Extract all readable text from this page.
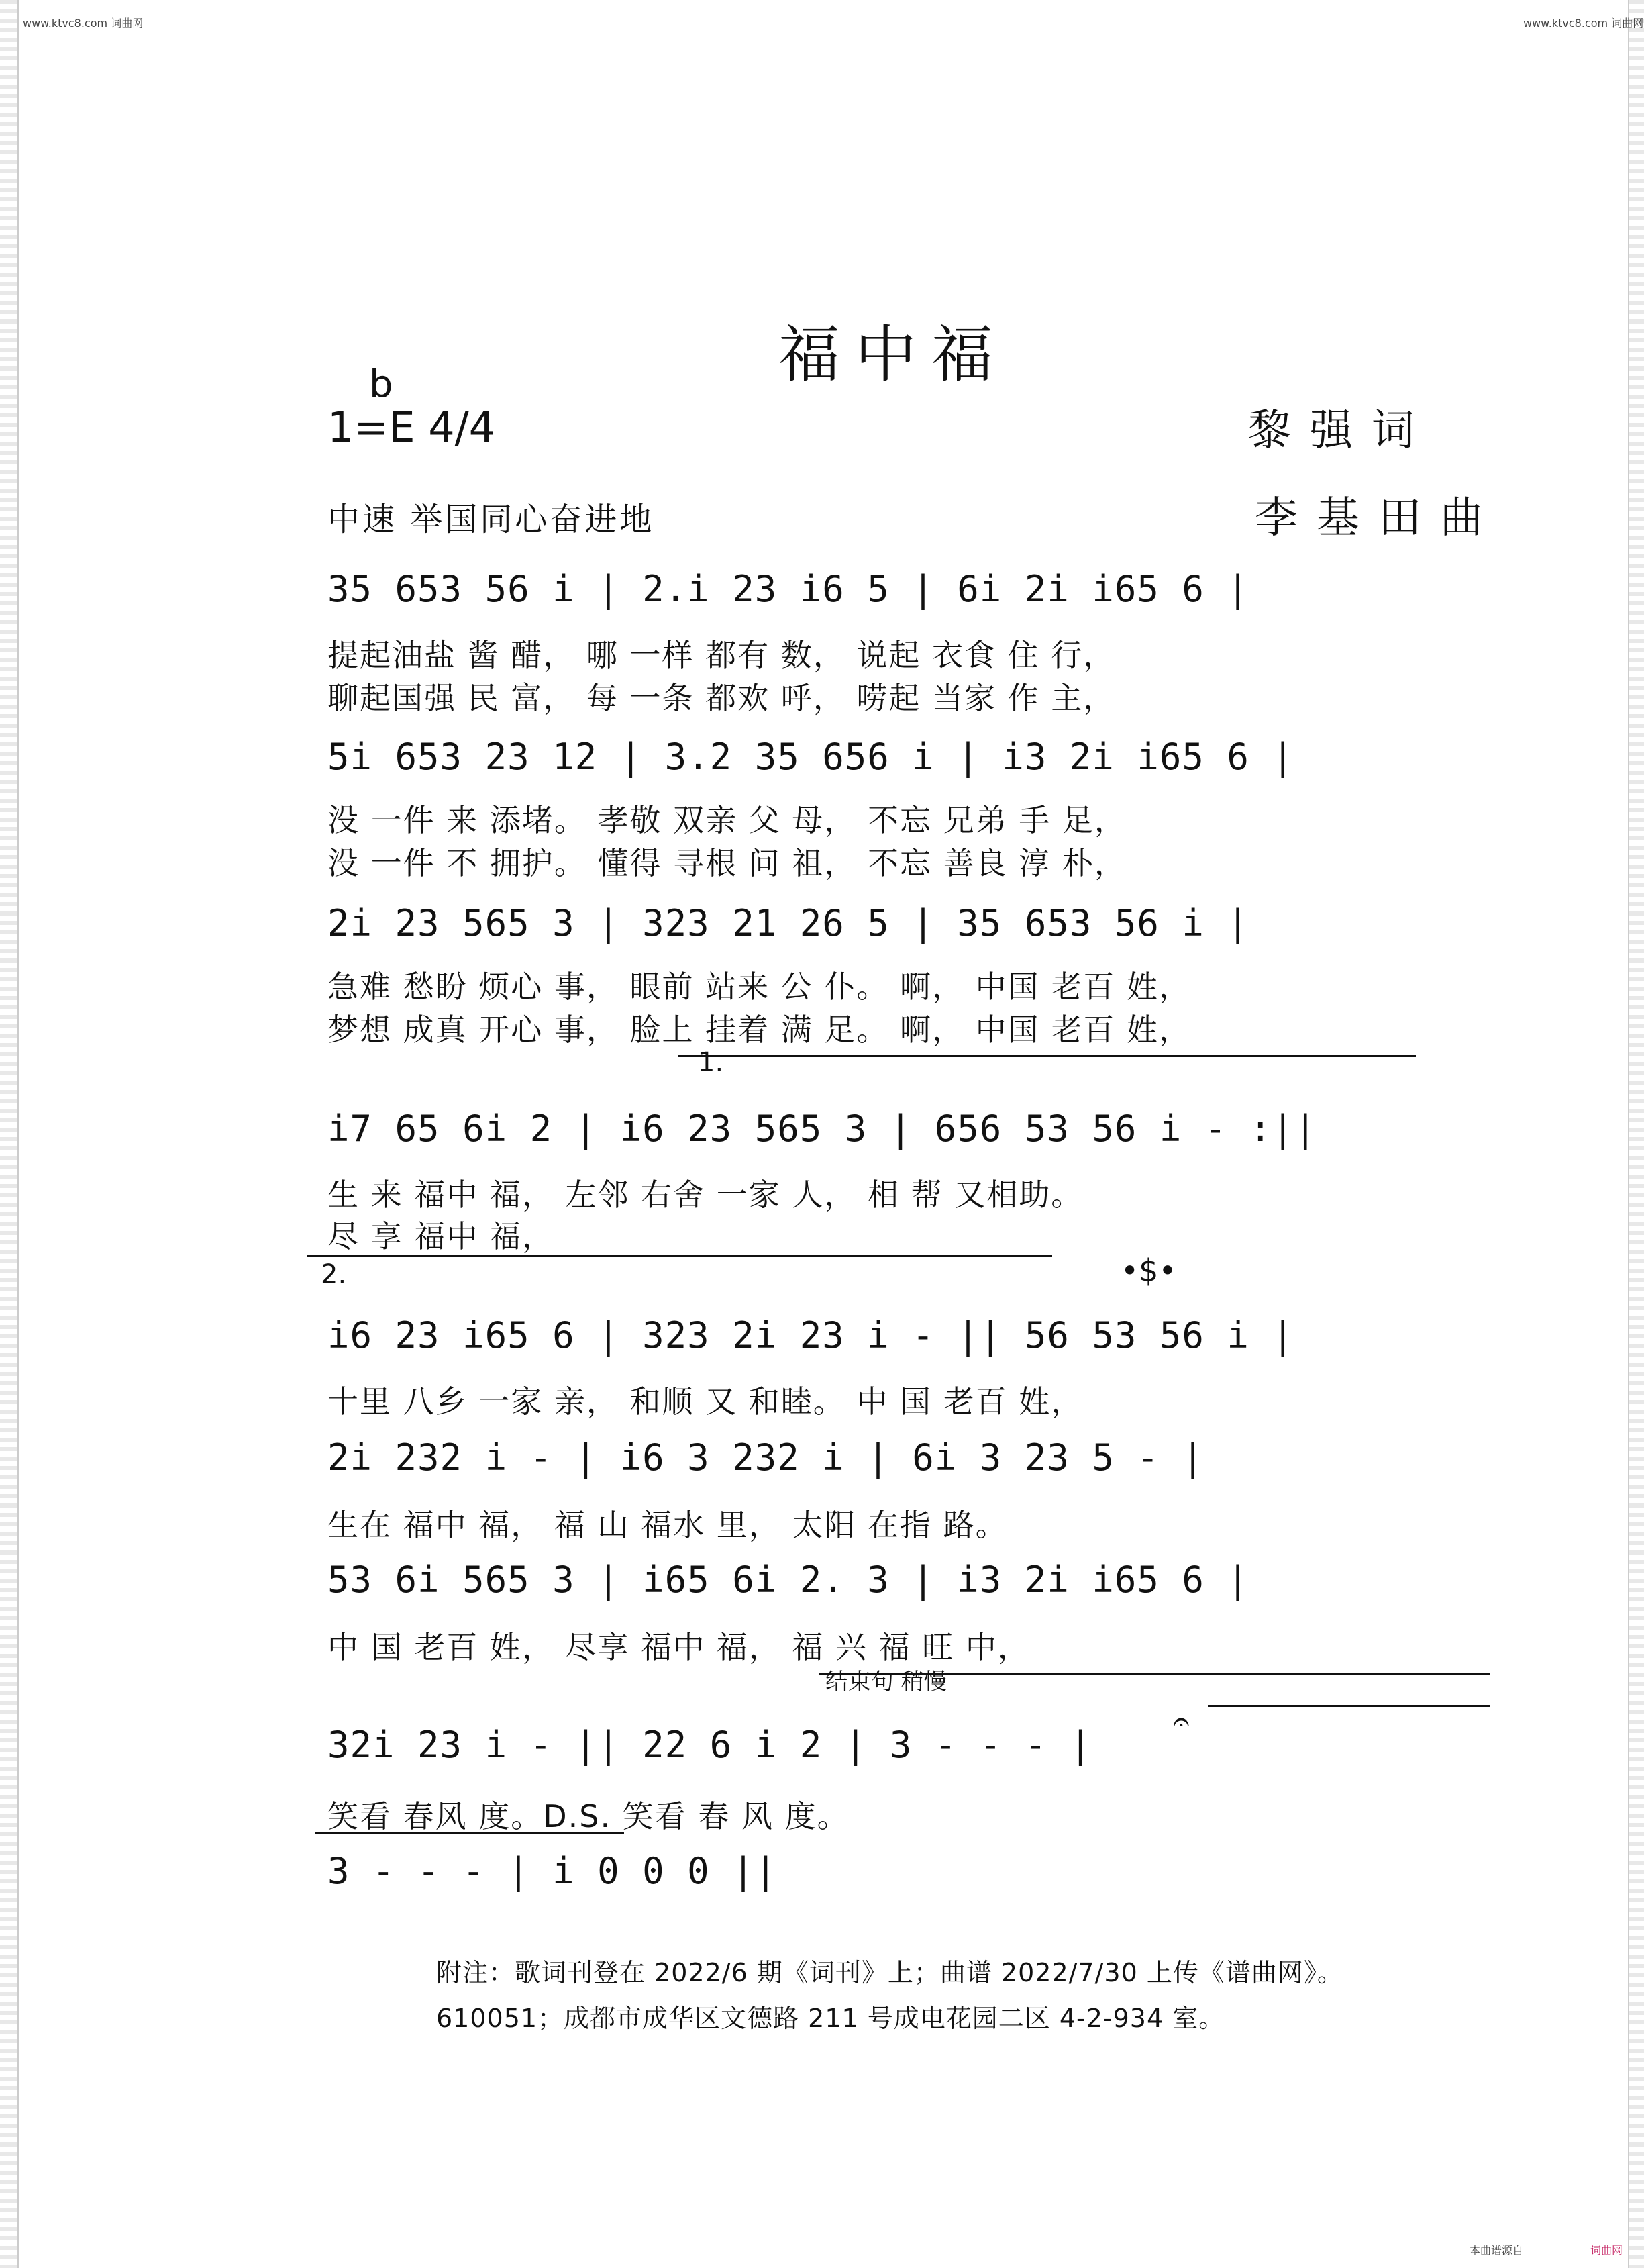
www.ktvc8.com 词曲网	www.ktvc8.com 词曲网
本曲谱源自	词曲网
福中福
b
1=E 4/4	黎强词
李基田曲
中速 举国同心奋进地
35 653 56 i | 2.i 23 i6 5 | 6i 2i i65 6 |
提起油盐 酱 醋， 哪 一样 都有 数， 说起 衣食 住 行，
聊起国强 民 富， 每 一条 都欢 呼， 唠起 当家 作 主，
5i 653 23 12 | 3.2 35 656 i | i3 2i i65 6 |
没 一件 来 添堵。 孝敬 双亲 父 母， 不忘 兄弟 手 足，
没 一件 不 拥护。 懂得 寻根 问 祖， 不忘 善良 淳 朴，
2i 23 565 3 | 323 21 26 5 | 35 653 56 i |
急难 愁盼 烦心 事， 眼前 站来 公 仆。 啊， 中国 老百 姓，
梦想 成真 开心 事， 脸上 挂着 满 足。 啊， 中国 老百 姓，
1.
i7 65 6i 2 | i6 23 565 3 | 656 53 56 i - :||
生 来 福中 福， 左邻 右舍 一家 人， 相 帮 又相助。
尽 享 福中 福，
2.	•$•
i6 23 i65 6 | 323 2i 23 i - || 56 53 56 i |
十里 八乡 一家 亲， 和顺 又 和睦。 中 国 老百 姓，
2i 232 i - | i6 3 232 i | 6i 3 23 5 - |
生在 福中 福， 福 山 福水 里， 太阳 在指 路。
53 6i 565 3 | i65 6i 2. 3 | i3 2i i65 6 |
中 国 老百 姓， 尽享 福中 福， 福 兴 福 旺 中，
结束句 稍慢
32i 23 i - || 22 6 i 2 | 3 - - - |
𝄐
笑看 春风 度。D.S. 笑看 春 风 度。
3 - - - | i 0 0 0 ||
附注：歌词刊登在 2022/6 期《词刊》上；曲谱 2022/7/30 上传《谱曲网》。
610051；成都市成华区文德路 211 号成电花园二区 4-2-934 室。
